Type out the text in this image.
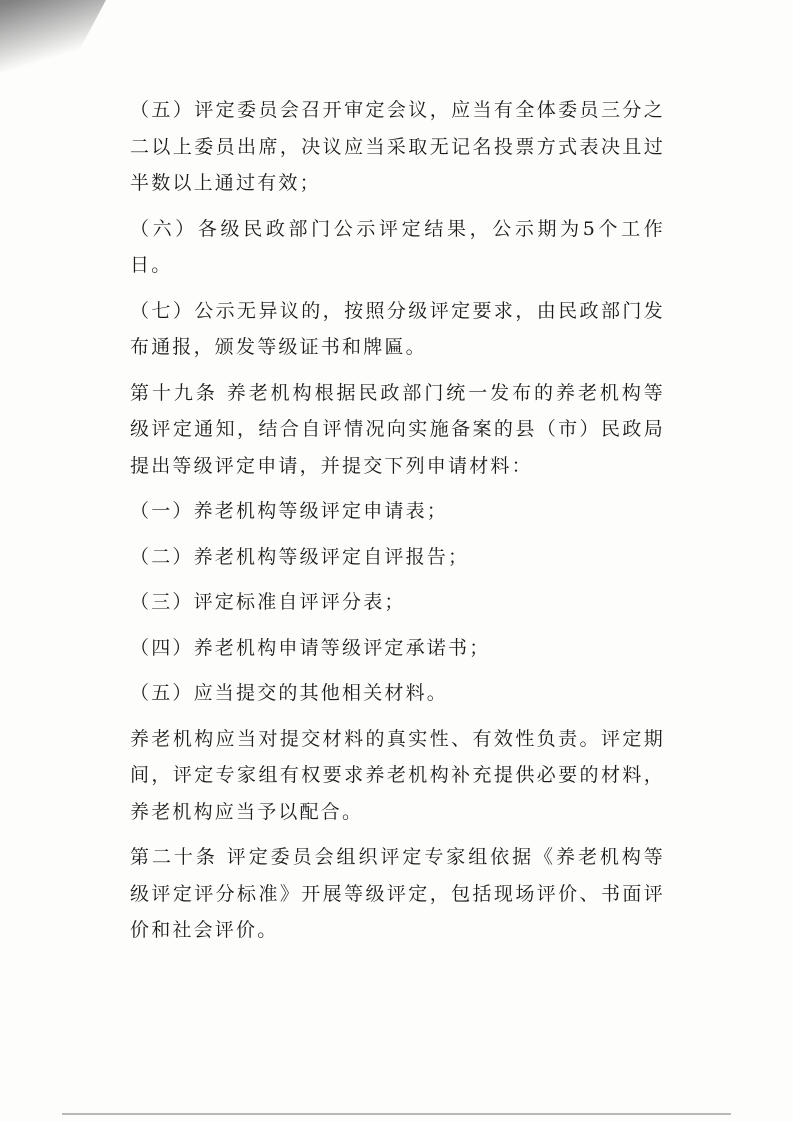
（五）评定委员会召开审定会议，应当有全体委员三分之二以上委员出席，决议应当采取无记名投票方式表决且过半数以上通过有效；

（六）各级民政部门公示评定结果，公示期为5个工作日。

（七）公示无异议的，按照分级评定要求，由民政部门发布通报，颁发等级证书和牌匾。

第十九条 养老机构根据民政部门统一发布的养老机构等级评定通知，结合自评情况向实施备案的县（市）民政局提出等级评定申请，并提交下列申请材料：

（一）养老机构等级评定申请表；

（二）养老机构等级评定自评报告；

（三）评定标准自评评分表；

（四）养老机构申请等级评定承诺书；

（五）应当提交的其他相关材料。

养老机构应当对提交材料的真实性、有效性负责。评定期间，评定专家组有权要求养老机构补充提供必要的材料，养老机构应当予以配合。

第二十条 评定委员会组织评定专家组依据《养老机构等级评定评分标准》开展等级评定，包括现场评价、书面评价和社会评价。
